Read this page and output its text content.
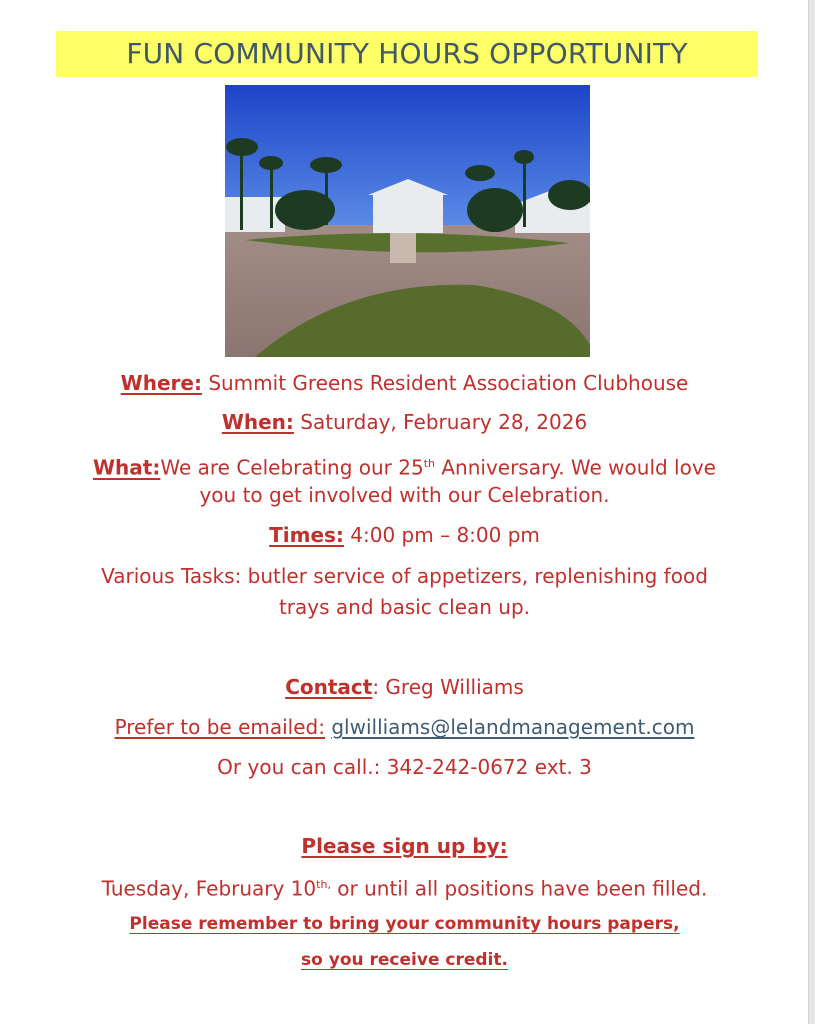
FUN COMMUNITY HOURS OPPORTUNITY
Where: Summit Greens Resident Association Clubhouse
When: Saturday, February 28, 2026
What:We are Celebrating our 25th Anniversary. We would love
you to get involved with our Celebration.
Times: 4:00 pm – 8:00 pm
Various Tasks: butler service of appetizers, replenishing food
trays and basic clean up.
Contact: Greg Williams
Prefer to be emailed: glwilliams@lelandmanagement.com
Or you can call.: 342-242-0672 ext. 3
Please sign up by:
Tuesday, February $10^{th,}$ or until all positions have been filled.
Please remember to bring your community hours papers,
so you receive credit.
